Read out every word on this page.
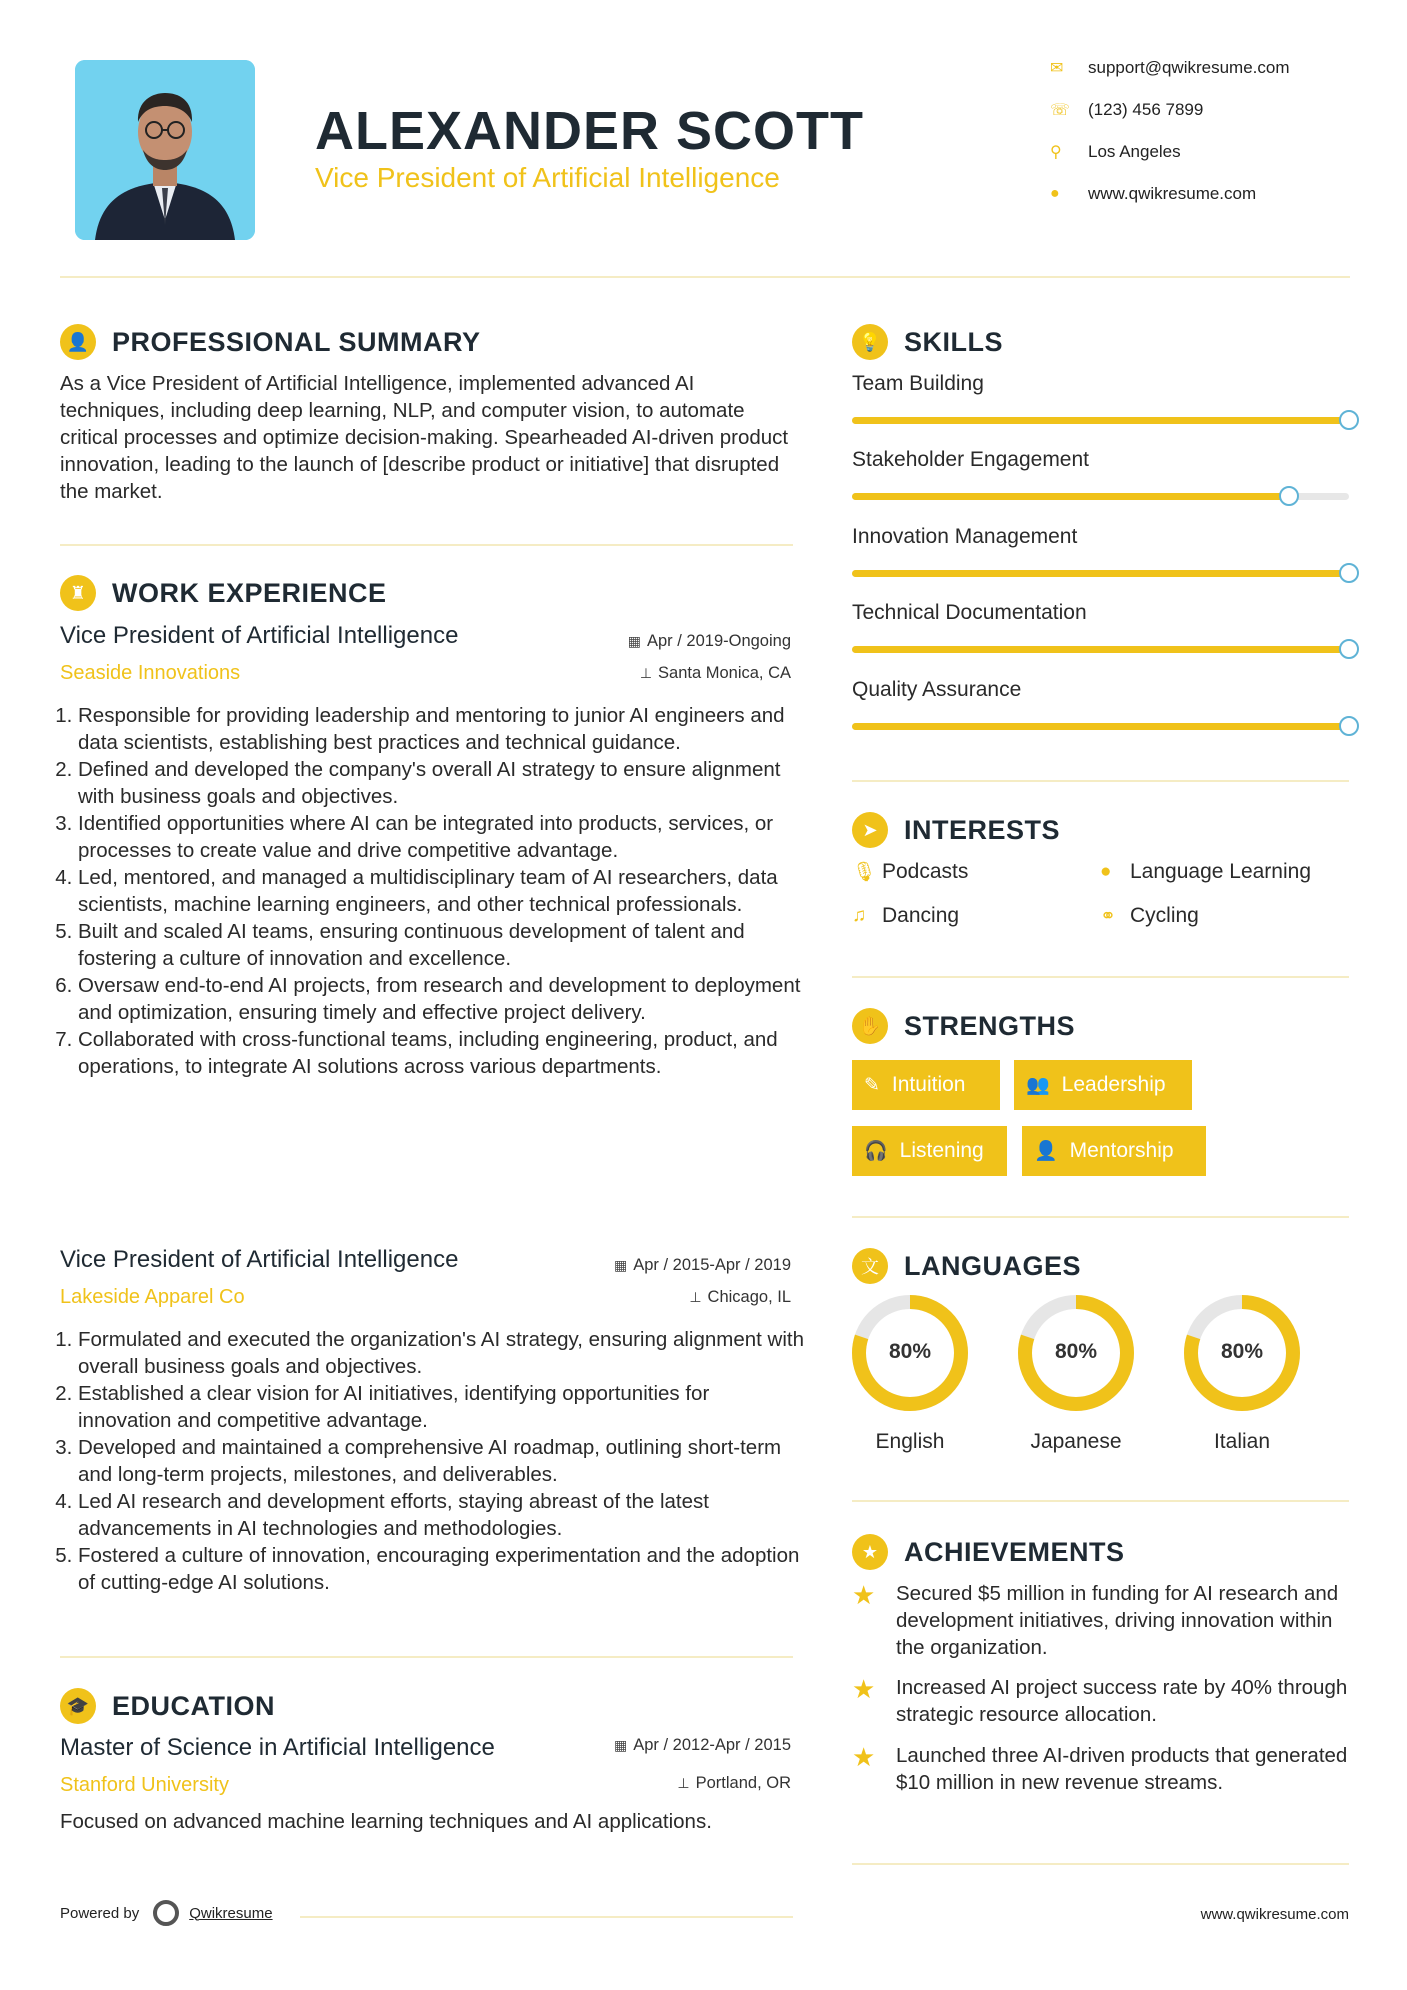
ALEXANDER SCOTT
Vice President of Artificial Intelligence
✉	support@qwikresume.com
☏	(123) 456 7899
⚲	Los Angeles
●	www.qwikresume.com
👤 PROFESSIONAL SUMMARY
As a Vice President of Artificial Intelligence, implemented advanced AI techniques, including deep learning, NLP, and computer vision, to automate critical processes and optimize decision-making. Spearheaded AI-driven product innovation, leading to the launch of [describe product or initiative] that disrupted the market.
♜ WORK EXPERIENCE
Vice President of Artificial Intelligence	▦ Apr / 2019-Ongoing
Seaside Innovations	⊥ Santa Monica, CA
1. Responsible for providing leadership and mentoring to junior AI engineers and data scientists, establishing best practices and technical guidance.
2. Defined and developed the company's overall AI strategy to ensure alignment with business goals and objectives.
3. Identified opportunities where AI can be integrated into products, services, or processes to create value and drive competitive advantage.
4. Led, mentored, and managed a multidisciplinary team of AI researchers, data scientists, machine learning engineers, and other technical professionals.
5. Built and scaled AI teams, ensuring continuous development of talent and fostering a culture of innovation and excellence.
6. Oversaw end-to-end AI projects, from research and development to deployment and optimization, ensuring timely and effective project delivery.
7. Collaborated with cross-functional teams, including engineering, product, and operations, to integrate AI solutions across various departments.
Vice President of Artificial Intelligence	▦ Apr / 2015-Apr / 2019
Lakeside Apparel Co	⊥ Chicago, IL
1. Formulated and executed the organization's AI strategy, ensuring alignment with overall business goals and objectives.
2. Established a clear vision for AI initiatives, identifying opportunities for innovation and competitive advantage.
3. Developed and maintained a comprehensive AI roadmap, outlining short-term and long-term projects, milestones, and deliverables.
4. Led AI research and development efforts, staying abreast of the latest advancements in AI technologies and methodologies.
5. Fostered a culture of innovation, encouraging experimentation and the adoption of cutting-edge AI solutions.
🎓 EDUCATION
Master of Science in Artificial Intelligence	▦ Apr / 2012-Apr / 2015
Stanford University	⊥ Portland, OR
Focused on advanced machine learning techniques and AI applications.
💡 SKILLS
Team Building
Stakeholder Engagement
Innovation Management
Technical Documentation
Quality Assurance
➤ INTERESTS
🎙 Podcasts	● Language Learning
♫ Dancing	⚭ Cycling
✋ STRENGTHS
✎ Intuition	👥 Leadership
🎧 Listening	👤 Mentorship
文 LANGUAGES
80%
English
80%
Japanese
80%
Italian
★ ACHIEVEMENTS
★ Secured $5 million in funding for AI research and development initiatives, driving innovation within the organization.
★ Increased AI project success rate by 40% through strategic resource allocation.
★ Launched three AI-driven products that generated $10 million in new revenue streams.
Powered by	Qwikresume	www.qwikresume.com
